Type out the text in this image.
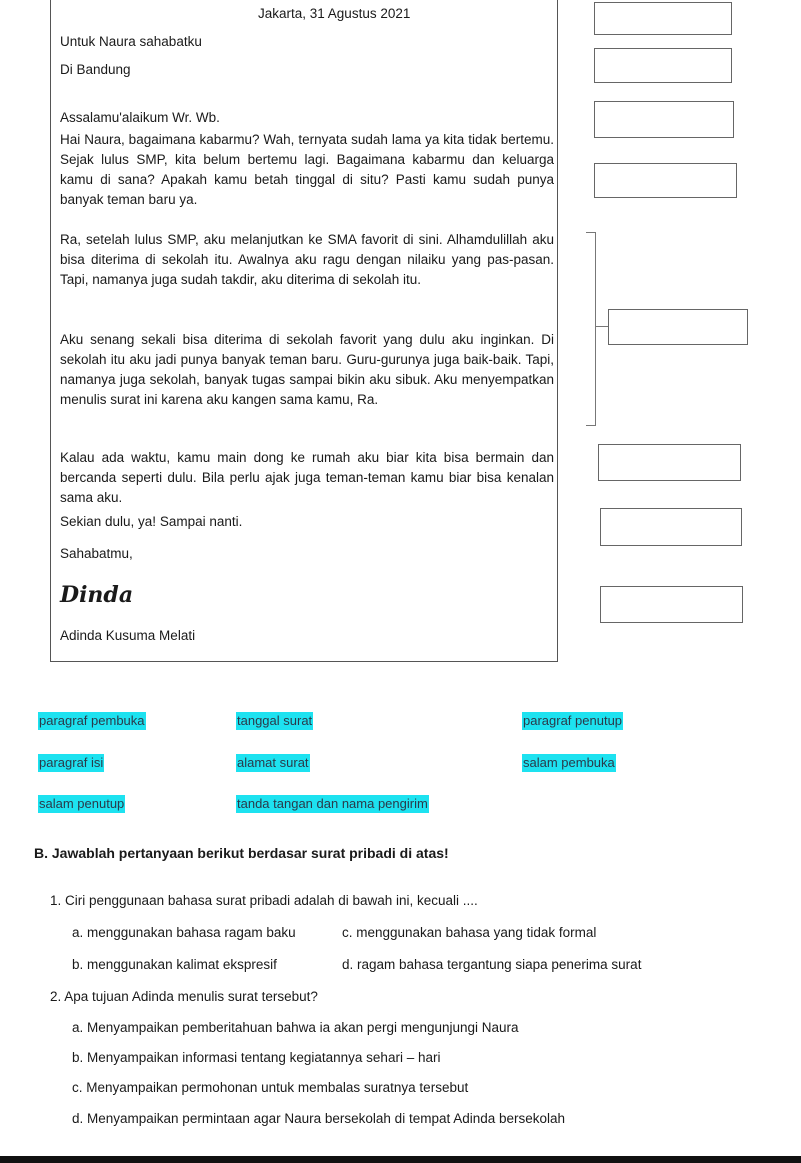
Jakarta, 31 Agustus 2021
Untuk Naura sahabatku
Di Bandung
Assalamu'alaikum Wr. Wb.
Hai Naura, bagaimana kabarmu? Wah, ternyata sudah lama ya kita tidak bertemu. Sejak lulus SMP, kita belum bertemu lagi. Bagaimana kabarmu dan keluarga kamu di sana? Apakah kamu betah tinggal di situ? Pasti kamu sudah punya banyak teman baru ya.
Ra, setelah lulus SMP, aku melanjutkan ke SMA favorit di sini. Alhamdulillah aku bisa diterima di sekolah itu. Awalnya aku ragu dengan nilaiku yang pas-pasan. Tapi, namanya juga sudah takdir, aku diterima di sekolah itu.
Aku senang sekali bisa diterima di sekolah favorit yang dulu aku inginkan. Di sekolah itu aku jadi punya banyak teman baru. Guru-gurunya juga baik-baik. Tapi, namanya juga sekolah, banyak tugas sampai bikin aku sibuk. Aku menyempatkan menulis surat ini karena aku kangen sama kamu, Ra.
Kalau ada waktu, kamu main dong ke rumah aku biar kita bisa bermain dan bercanda seperti dulu. Bila perlu ajak juga teman-teman kamu biar bisa kenalan sama aku.
Sekian dulu, ya! Sampai nanti.
Sahabatmu,
Dinda
Adinda Kusuma Melati
paragraf pembuka	tanggal surat	paragraf penutup
paragraf isi	alamat surat	salam pembuka
salam penutup	tanda tangan dan nama pengirim
B. Jawablah pertanyaan berikut berdasar surat pribadi di atas!
1. Ciri penggunaan bahasa surat pribadi adalah di bawah ini, kecuali ....
a. menggunakan bahasa ragam baku	c. menggunakan bahasa yang tidak formal
b. menggunakan kalimat ekspresif	d. ragam bahasa tergantung siapa penerima surat
2. Apa tujuan Adinda menulis surat tersebut?
a. Menyampaikan pemberitahuan bahwa ia akan pergi mengunjungi Naura
b. Menyampaikan informasi tentang kegiatannya sehari – hari
c. Menyampaikan permohonan untuk membalas suratnya tersebut
d. Menyampaikan permintaan agar Naura bersekolah di tempat Adinda bersekolah
